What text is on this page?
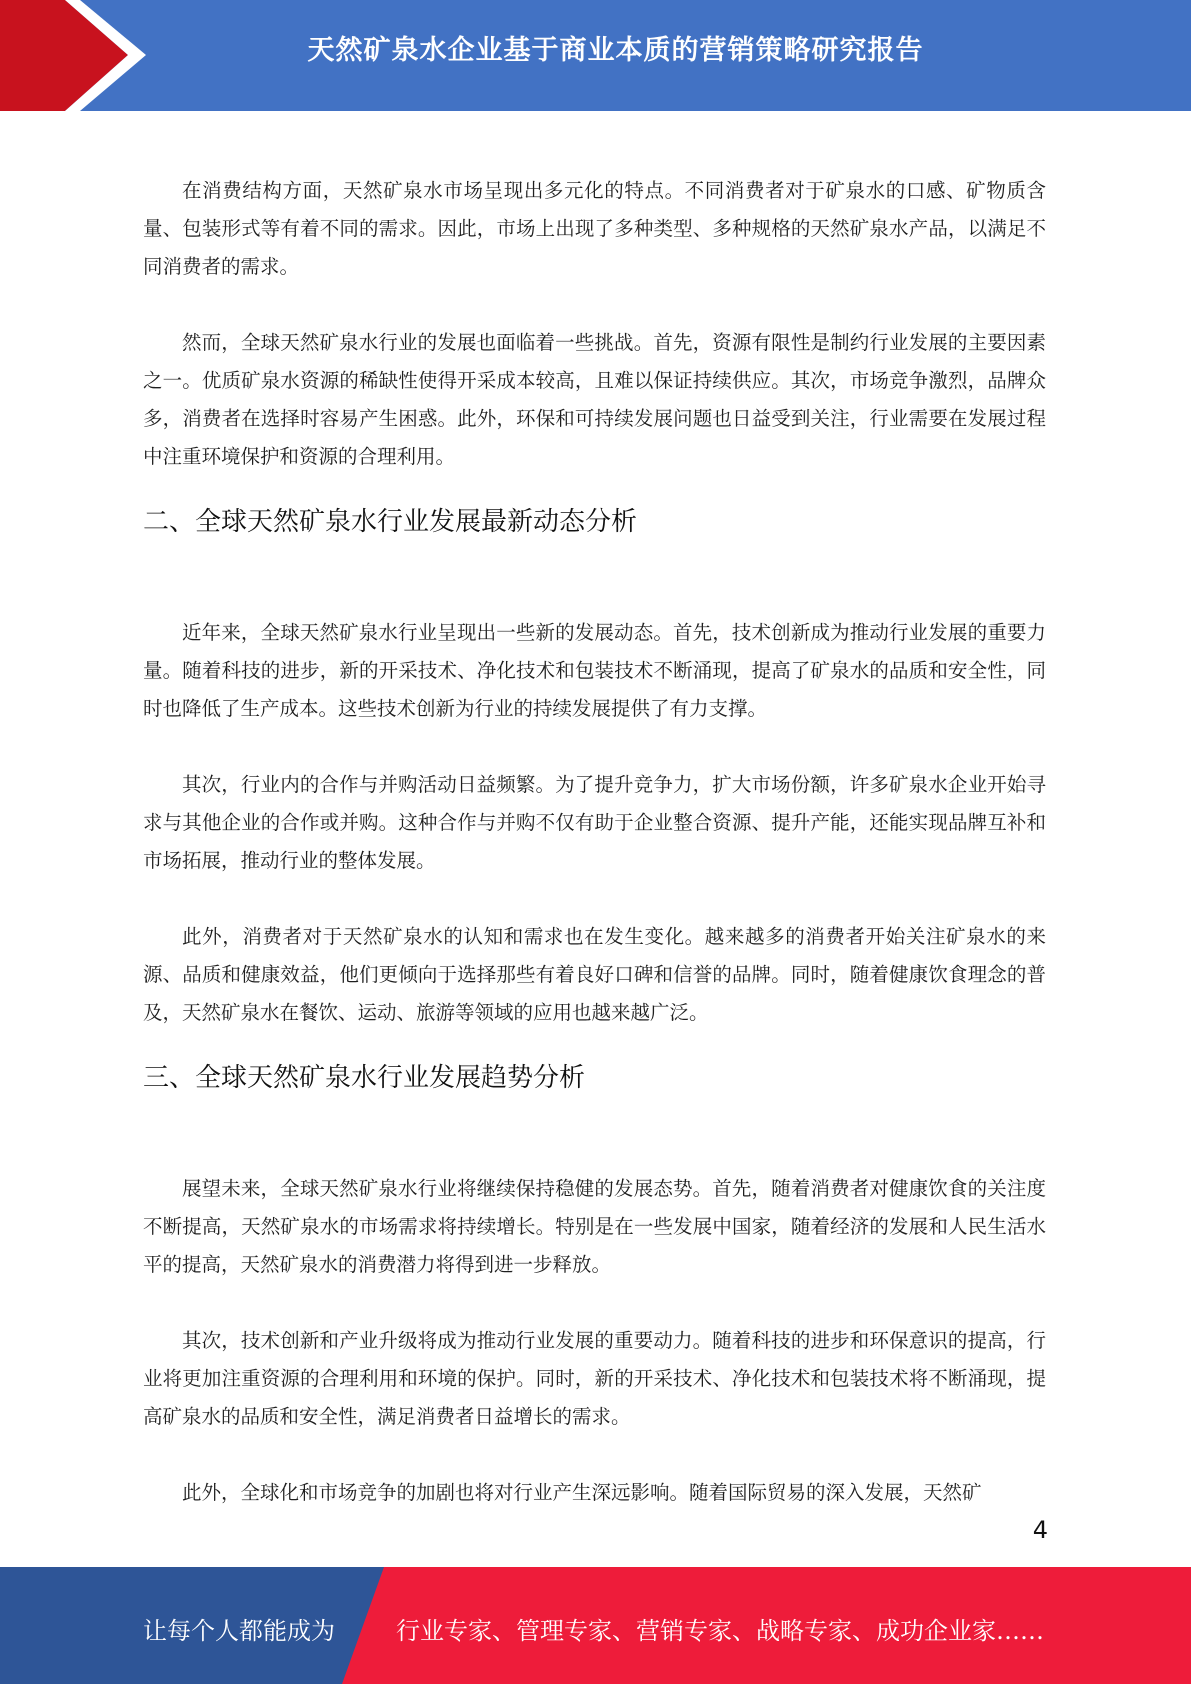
天然矿泉水企业基于商业本质的营销策略研究报告

在消费结构方面，天然矿泉水市场呈现出多元化的特点。不同消费者对于矿泉水的口感、矿物质含量、包装形式等有着不同的需求。因此，市场上出现了多种类型、多种规格的天然矿泉水产品，以满足不同消费者的需求。

然而，全球天然矿泉水行业的发展也面临着一些挑战。首先，资源有限性是制约行业发展的主要因素之一。优质矿泉水资源的稀缺性使得开采成本较高，且难以保证持续供应。其次，市场竞争激烈，品牌众多，消费者在选择时容易产生困惑。此外，环保和可持续发展问题也日益受到关注，行业需要在发展过程中注重环境保护和资源的合理利用。

二、全球天然矿泉水行业发展最新动态分析

近年来，全球天然矿泉水行业呈现出一些新的发展动态。首先，技术创新成为推动行业发展的重要力量。随着科技的进步，新的开采技术、净化技术和包装技术不断涌现，提高了矿泉水的品质和安全性，同时也降低了生产成本。这些技术创新为行业的持续发展提供了有力支撑。

其次，行业内的合作与并购活动日益频繁。为了提升竞争力，扩大市场份额，许多矿泉水企业开始寻求与其他企业的合作或并购。这种合作与并购不仅有助于企业整合资源、提升产能，还能实现品牌互补和市场拓展，推动行业的整体发展。

此外，消费者对于天然矿泉水的认知和需求也在发生变化。越来越多的消费者开始关注矿泉水的来源、品质和健康效益，他们更倾向于选择那些有着良好口碑和信誉的品牌。同时，随着健康饮食理念的普及，天然矿泉水在餐饮、运动、旅游等领域的应用也越来越广泛。

三、全球天然矿泉水行业发展趋势分析

展望未来，全球天然矿泉水行业将继续保持稳健的发展态势。首先，随着消费者对健康饮食的关注度不断提高，天然矿泉水的市场需求将持续增长。特别是在一些发展中国家，随着经济的发展和人民生活水平的提高，天然矿泉水的消费潜力将得到进一步释放。

其次，技术创新和产业升级将成为推动行业发展的重要动力。随着科技的进步和环保意识的提高，行业将更加注重资源的合理利用和环境的保护。同时，新的开采技术、净化技术和包装技术将不断涌现，提高矿泉水的品质和安全性，满足消费者日益增长的需求。

此外，全球化和市场竞争的加剧也将对行业产生深远影响。随着国际贸易的深入发展，天然矿

4
让每个人都能成为	行业专家、管理专家、营销专家、战略专家、成功企业家……
